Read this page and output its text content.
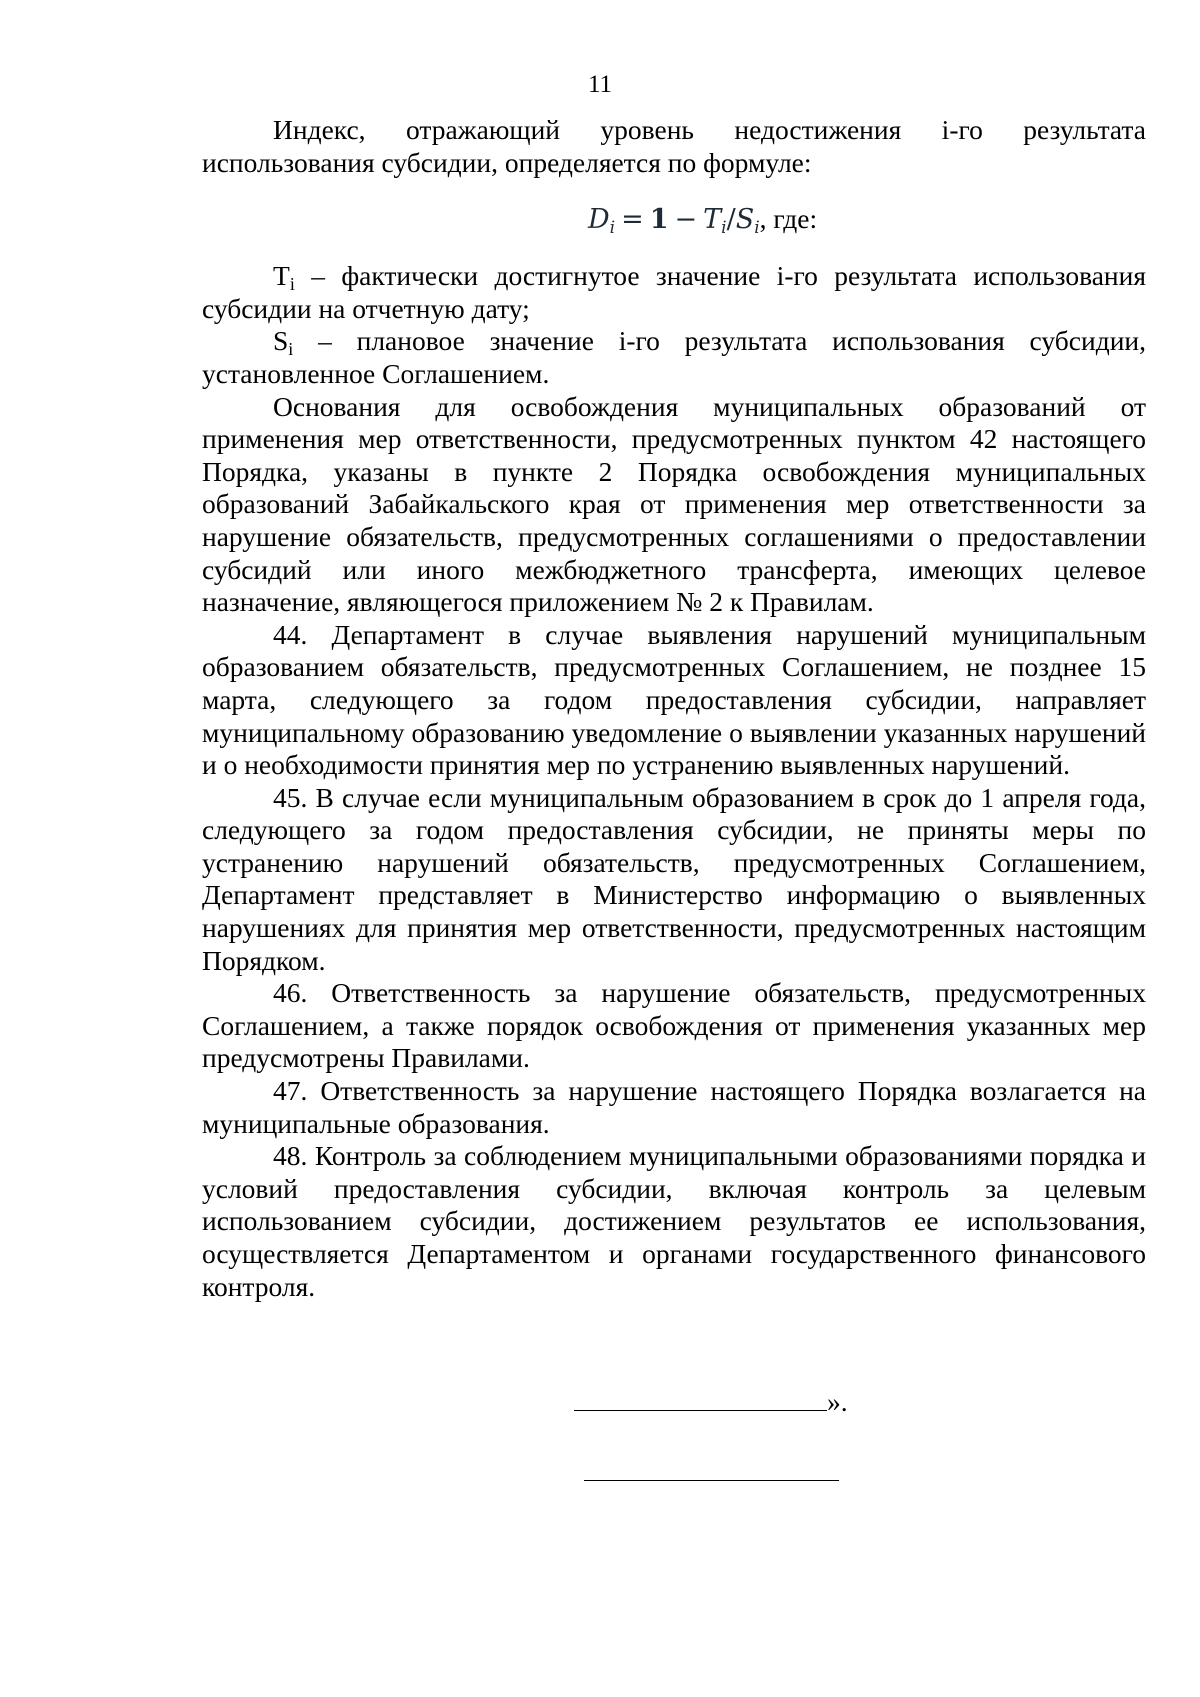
11

Индекс, отражающий уровень недостижения i-го результата использования субсидии, определяется по формуле:

$D_i = 1 - T_i/S_i$, где:

$T_i$ – фактически достигнутое значение i-го результата использования субсидии на отчетную дату;

$S_i$ – плановое значение i-го результата использования субсидии, установленное Соглашением.

Основания для освобождения муниципальных образований от применения мер ответственности, предусмотренных пунктом 42 настоящего Порядка, указаны в пункте 2 Порядка освобождения муниципальных образований Забайкальского края от применения мер ответственности за нарушение обязательств, предусмотренных соглашениями о предоставлении субсидий или иного межбюджетного трансферта, имеющих целевое назначение, являющегося приложением № 2 к Правилам.

44. Департамент в случае выявления нарушений муниципальным образованием обязательств, предусмотренных Соглашением, не позднее 15 марта, следующего за годом предоставления субсидии, направляет муниципальному образованию уведомление о выявлении указанных нарушений и о необходимости принятия мер по устранению выявленных нарушений.

45. В случае если муниципальным образованием в срок до 1 апреля года, следующего за годом предоставления субсидии, не приняты меры по устранению нарушений обязательств, предусмотренных Соглашением, Департамент представляет в Министерство информацию о выявленных нарушениях для принятия мер ответственности, предусмотренных настоящим Порядком.

46. Ответственность за нарушение обязательств, предусмотренных Соглашением, а также порядок освобождения от применения указанных мер предусмотрены Правилами.

47. Ответственность за нарушение настоящего Порядка возлагается на муниципальные образования.

48. Контроль за соблюдением муниципальными образованиями порядка и условий предоставления субсидии, включая контроль за целевым использованием субсидии, достижением результатов ее использования, осуществляется Департаментом и органами государственного финансового контроля.

».
